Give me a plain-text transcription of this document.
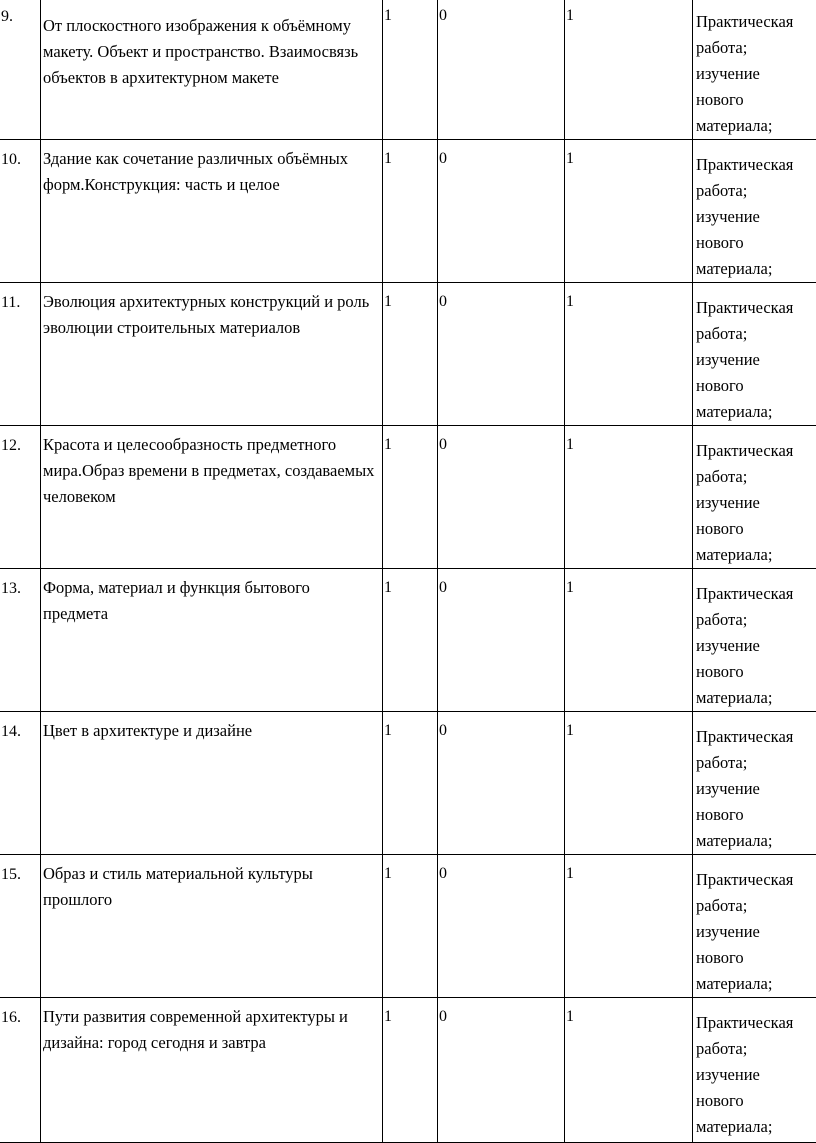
9.	От плоскостного изображения к объёмному макету. Объект и пространство. Взаимосвязь объектов в архитектурном макете	1	0	1	Практическая
работа;
изучение
нового
материала;

10.	Здание как сочетание различных объёмных форм.Конструкция: часть и целое	1	0	1	Практическая
работа;
изучение
нового
материала;

11.	Эволюция архитектурных конструкций и роль эволюции строительных материалов	1	0	1	Практическая
работа;
изучение
нового
материала;

12.	Красота и целесообразность предметного мира.Образ времени в предметах, создаваемых человеком	1	0	1	Практическая
работа;
изучение
нового
материала;

13.	Форма, материал и функция бытового предмета	1	0	1	Практическая
работа;
изучение
нового
материала;

14.	Цвет в архитектуре и дизайне	1	0	1	Практическая
работа;
изучение
нового
материала;

15.	Образ и стиль материальной культуры прошлого	1	0	1	Практическая
работа;
изучение
нового
материала;

16.	Пути развития современной архитектуры и дизайна: город сегодня и завтра	1	0	1	Практическая
работа;
изучение
нового
материала;
